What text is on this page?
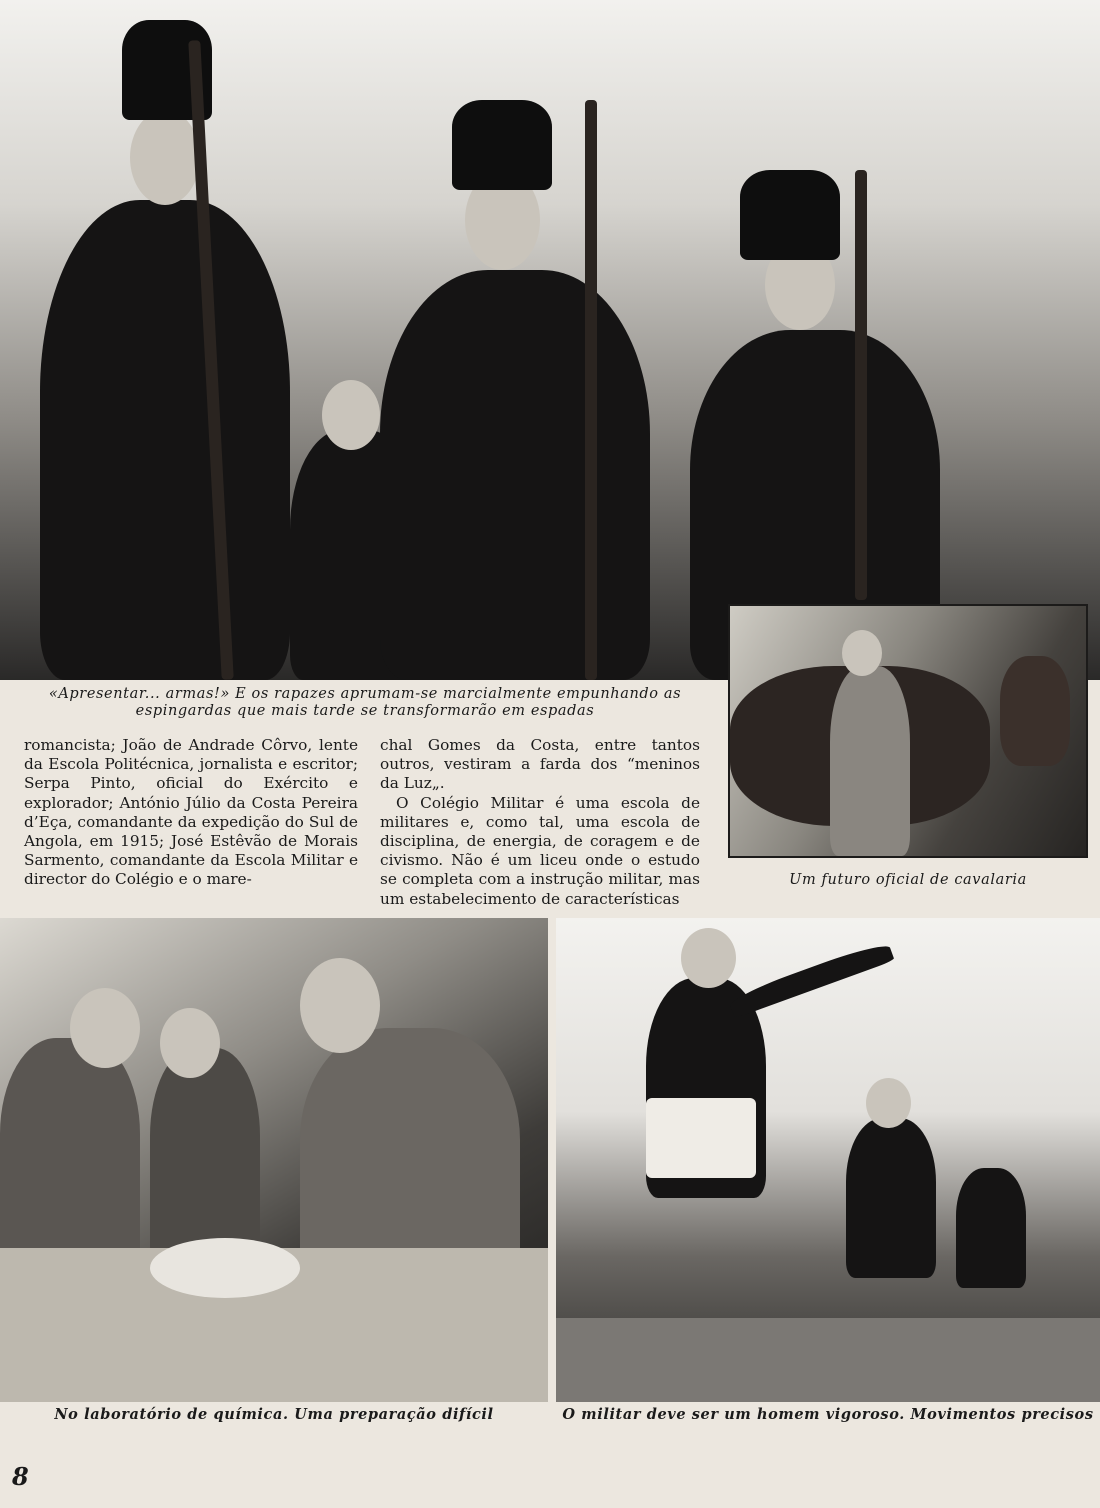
«Apresentar... armas!» E os rapazes aprumam-se marcialmente empunhando as
espingardas que mais tarde se transformarão em espadas

Um futuro oficial de cavalaria

romancista; João de Andrade Côrvo, lente da Escola Politécnica, jornalista e escritor; Serpa Pinto, oficial do Exército e explorador; António Júlio da Costa Pereira d’Eça, comandante da expedição do Sul de Angola, em 1915; José Estêvão de Morais Sarmento, comandante da Escola Militar e director do Colégio e o mare-

chal Gomes da Costa, entre tantos outros, vestiram a farda dos “meninos da Luz„.

O Colégio Militar é uma escola de militares e, como tal, uma escola de disciplina, de energia, de coragem e de civismo. Não é um liceu onde o estudo se completa com a instrução militar, mas um estabelecimento de características

No laboratório de química. Uma preparação difícil	O militar deve ser um homem vigoroso. Movimentos precisos

8
